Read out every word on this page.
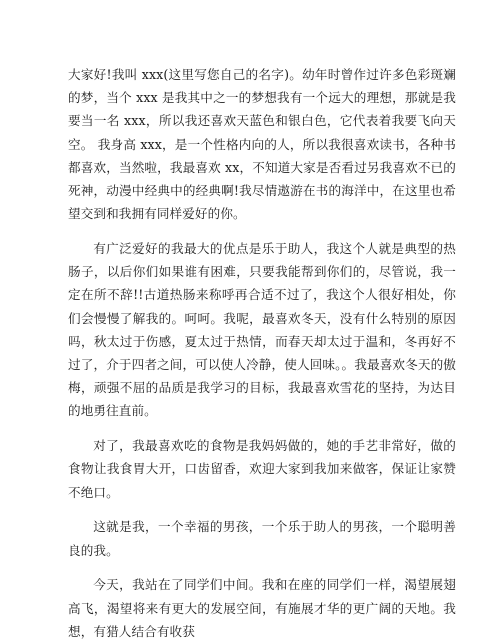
大家好!我叫 xxx(这里写您自己的名字)。幼年时曾作过许多色彩斑斓的梦，当个 xxx 是我其中之一的梦想我有一个远大的理想，那就是我要当一名 xxx，所以我还喜欢天蓝色和银白色，它代表着我要飞向天空。 我身高 xxx，是一个性格内向的人，所以我很喜欢读书，各种书都喜欢，当然啦，我最喜欢 xx，不知道大家是否看过另我喜欢不已的死神，动漫中经典中的经典啊!我尽情遨游在书的海洋中，在这里也希望交到和我拥有同样爱好的你。

有广泛爱好的我最大的优点是乐于助人，我这个人就是典型的热肠子，以后你们如果谁有困难，只要我能帮到你们的，尽管说，我一定在所不辞!!古道热肠来称呼再合适不过了，我这个人很好相处，你们会慢慢了解我的。呵呵。我呢，最喜欢冬天，没有什么特别的原因吗，秋太过于伤感，夏太过于热情，而春天却太过于温和，冬再好不过了，介于四者之间，可以使人冷静，使人回味。。我最喜欢冬天的傲梅，顽强不屈的品质是我学习的目标，我最喜欢雪花的坚持，为达目的地勇往直前。

对了，我最喜欢吃的食物是我妈妈做的，她的手艺非常好，做的食物让我食胃大开，口齿留香，欢迎大家到我加来做客，保证让家赞不绝口。

这就是我，一个幸福的男孩，一个乐于助人的男孩，一个聪明善良的我。

今天，我站在了同学们中间。我和在座的同学们一样，渴望展翅高飞，渴望将来有更大的发展空间，有施展才华的更广阔的天地。我想，有猎人结合有收获
